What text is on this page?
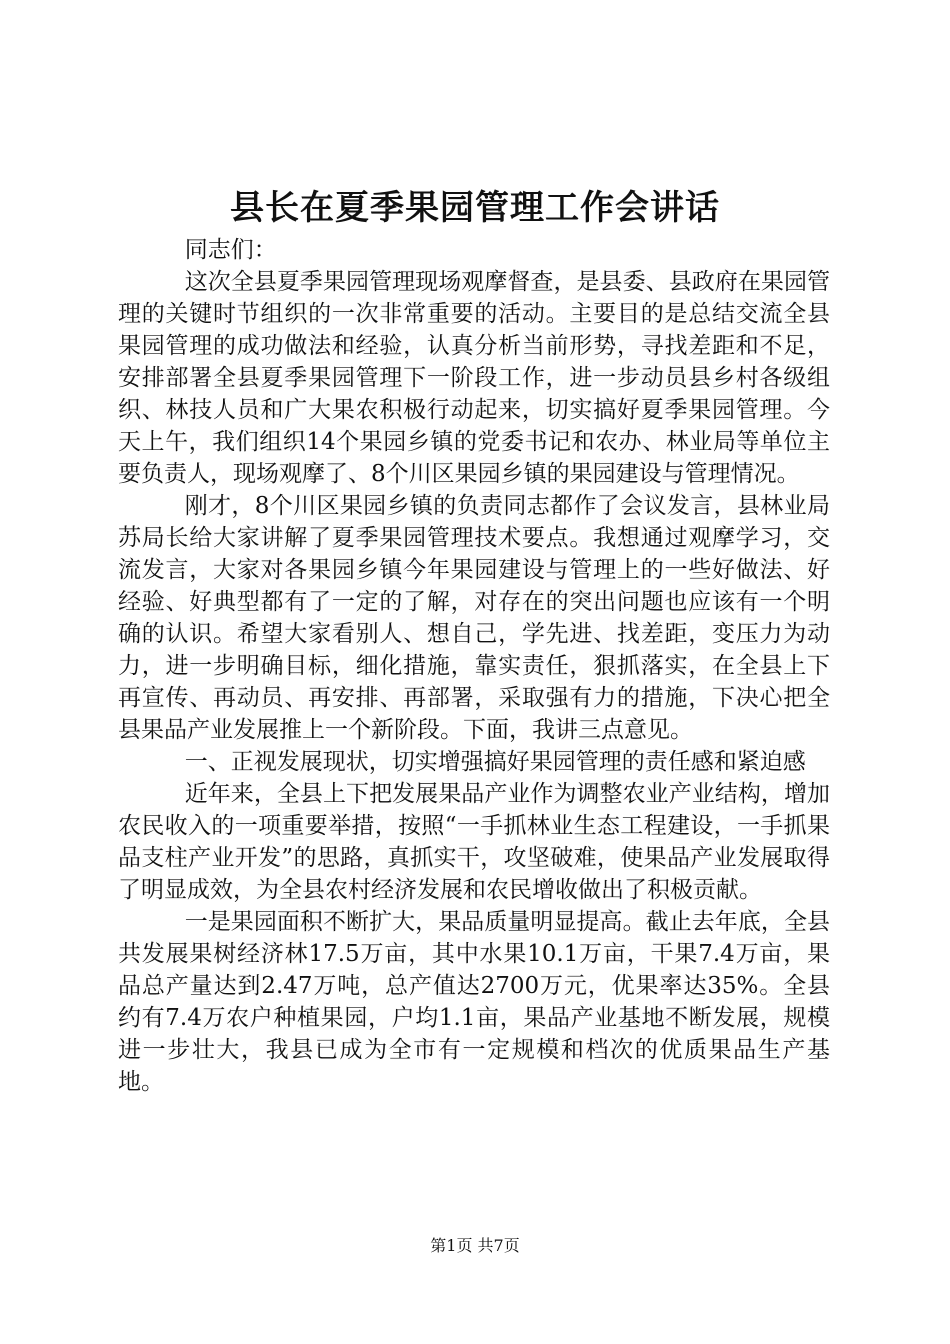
县长在夏季果园管理工作会讲话

同志们：

这次全县夏季果园管理现场观摩督查，是县委、县政府在果园管理的关键时节组织的一次非常重要的活动。主要目的是总结交流全县果园管理的成功做法和经验，认真分析当前形势，寻找差距和不足，安排部署全县夏季果园管理下一阶段工作，进一步动员县乡村各级组织、林技人员和广大果农积极行动起来，切实搞好夏季果园管理。今天上午，我们组织14个果园乡镇的党委书记和农办、林业局等单位主要负责人，现场观摩了、8个川区果园乡镇的果园建设与管理情况。

刚才，8个川区果园乡镇的负责同志都作了会议发言，县林业局苏局长给大家讲解了夏季果园管理技术要点。我想通过观摩学习，交流发言，大家对各果园乡镇今年果园建设与管理上的一些好做法、好经验、好典型都有了一定的了解，对存在的突出问题也应该有一个明确的认识。希望大家看别人、想自己，学先进、找差距，变压力为动力，进一步明确目标，细化措施，靠实责任，狠抓落实，在全县上下再宣传、再动员、再安排、再部署，采取强有力的措施，下决心把全县果品产业发展推上一个新阶段。下面，我讲三点意见。

一、正视发展现状，切实增强搞好果园管理的责任感和紧迫感

近年来，全县上下把发展果品产业作为调整农业产业结构，增加农民收入的一项重要举措，按照“一手抓林业生态工程建设，一手抓果品支柱产业开发”的思路，真抓实干，攻坚破难，使果品产业发展取得了明显成效，为全县农村经济发展和农民增收做出了积极贡献。

一是果园面积不断扩大，果品质量明显提高。截止去年底，全县共发展果树经济林17.5万亩，其中水果10.1万亩，干果7.4万亩，果品总产量达到2.47万吨，总产值达2700万元，优果率达35%。全县约有7.4万农户种植果园，户均1.1亩，果品产业基地不断发展，规模进一步壮大，我县已成为全市有一定规模和档次的优质果品生产基地。

第1页 共7页
